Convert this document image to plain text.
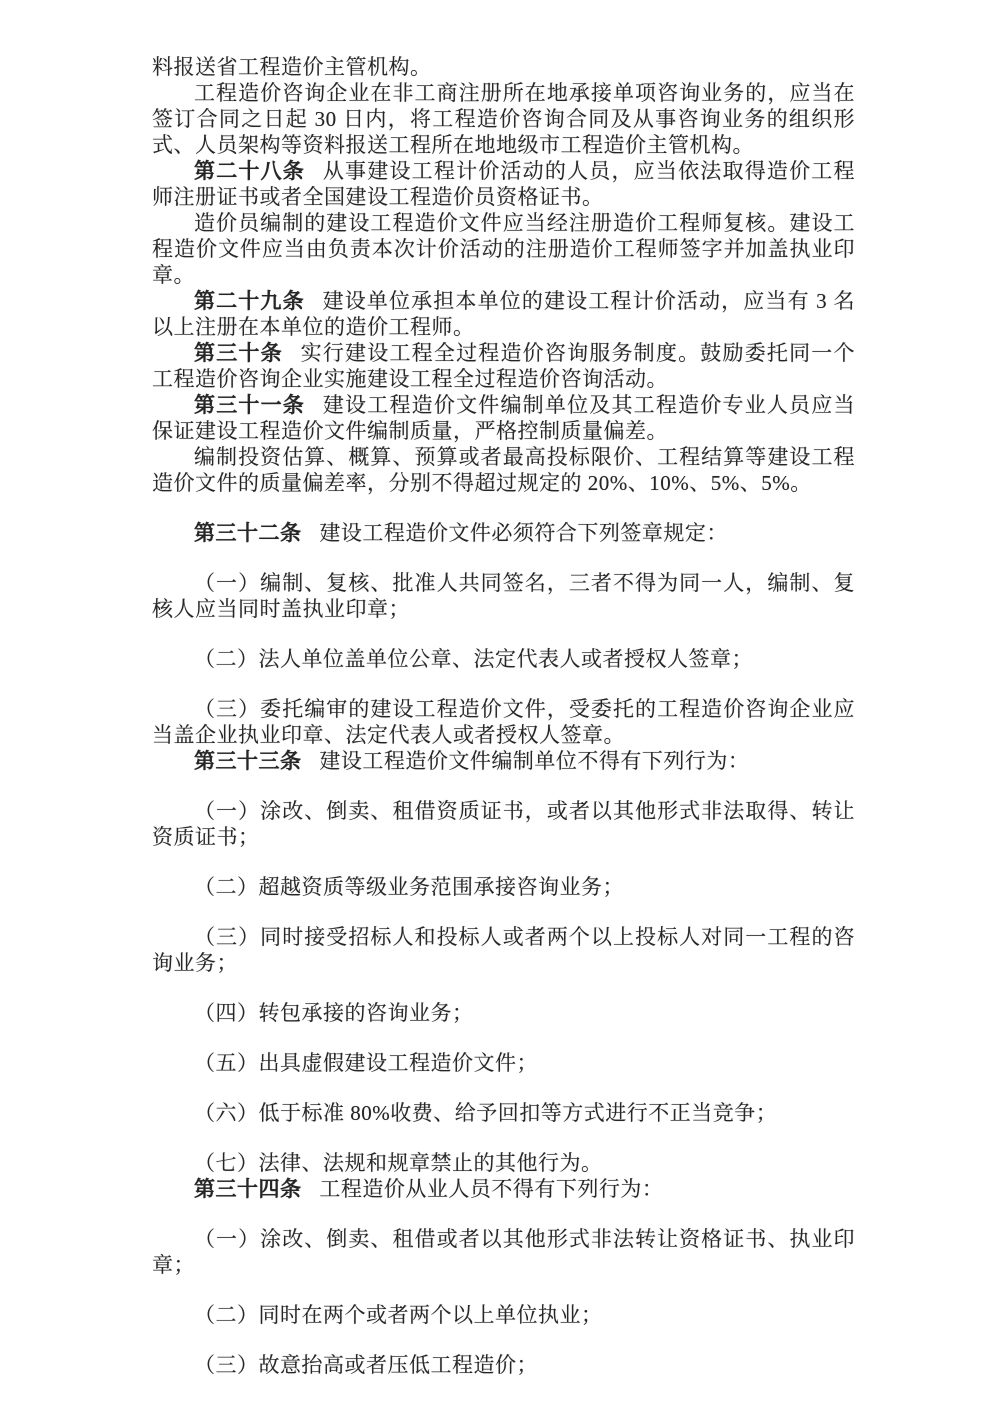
料报送省工程造价主管机构。

工程造价咨询企业在非工商注册所在地承接单项咨询业务的，应当在签订合同之日起 30 日内，将工程造价咨询合同及从事咨询业务的组织形式、人员架构等资料报送工程所在地地级市工程造价主管机构。

第二十八条 从事建设工程计价活动的人员，应当依法取得造价工程师注册证书或者全国建设工程造价员资格证书。

造价员编制的建设工程造价文件应当经注册造价工程师复核。建设工程造价文件应当由负责本次计价活动的注册造价工程师签字并加盖执业印章。

第二十九条 建设单位承担本单位的建设工程计价活动，应当有 3 名以上注册在本单位的造价工程师。

第三十条 实行建设工程全过程造价咨询服务制度。鼓励委托同一个工程造价咨询企业实施建设工程全过程造价咨询活动。

第三十一条 建设工程造价文件编制单位及其工程造价专业人员应当保证建设工程造价文件编制质量，严格控制质量偏差。

编制投资估算、概算、预算或者最高投标限价、工程结算等建设工程造价文件的质量偏差率，分别不得超过规定的 20%、10%、5%、5%。

第三十二条 建设工程造价文件必须符合下列签章规定：

（一）编制、复核、批准人共同签名，三者不得为同一人，编制、复核人应当同时盖执业印章；

（二）法人单位盖单位公章、法定代表人或者授权人签章；

（三）委托编审的建设工程造价文件，受委托的工程造价咨询企业应当盖企业执业印章、法定代表人或者授权人签章。

第三十三条 建设工程造价文件编制单位不得有下列行为：

（一）涂改、倒卖、租借资质证书，或者以其他形式非法取得、转让资质证书；

（二）超越资质等级业务范围承接咨询业务；

（三）同时接受招标人和投标人或者两个以上投标人对同一工程的咨询业务；

（四）转包承接的咨询业务；

（五）出具虚假建设工程造价文件；

（六）低于标准 80%收费、给予回扣等方式进行不正当竞争；

（七）法律、法规和规章禁止的其他行为。

第三十四条 工程造价从业人员不得有下列行为：

（一）涂改、倒卖、租借或者以其他形式非法转让资格证书、执业印章；

（二）同时在两个或者两个以上单位执业；

（三）故意抬高或者压低工程造价；
